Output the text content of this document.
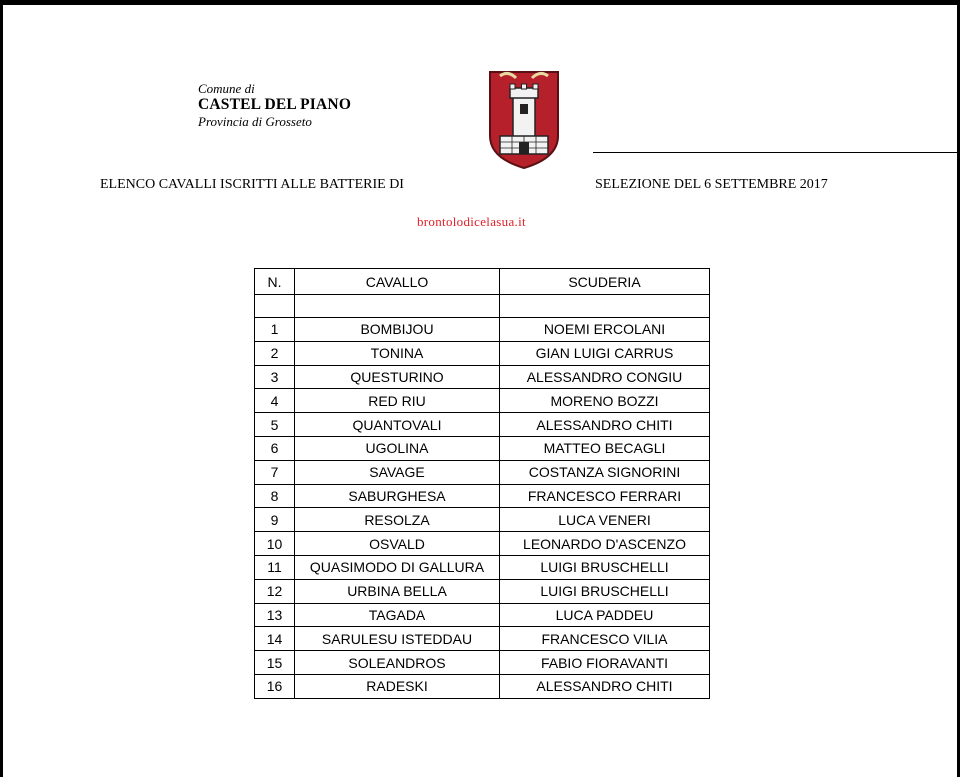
Comune di
CASTEL DEL PIANO
Provincia di Grosseto
ELENCO CAVALLI ISCRITTI ALLE BATTERIE DI	SELEZIONE DEL 6 SETTEMBRE 2017
brontolodicelasua.it
N.	CAVALLO	SCUDERIA

1	BOMBIJOU	NOEMI ERCOLANI
2	TONINA	GIAN LUIGI CARRUS
3	QUESTURINO	ALESSANDRO CONGIU
4	RED RIU	MORENO BOZZI
5	QUANTOVALI	ALESSANDRO CHITI
6	UGOLINA	MATTEO BECAGLI
7	SAVAGE	COSTANZA SIGNORINI
8	SABURGHESA	FRANCESCO FERRARI
9	RESOLZA	LUCA VENERI
10	OSVALD	LEONARDO D'ASCENZO
11	QUASIMODO DI GALLURA	LUIGI BRUSCHELLI
12	URBINA BELLA	LUIGI BRUSCHELLI
13	TAGADA	LUCA PADDEU
14	SARULESU ISTEDDAU	FRANCESCO VILIA
15	SOLEANDROS	FABIO FIORAVANTI
16	RADESKI	ALESSANDRO CHITI
